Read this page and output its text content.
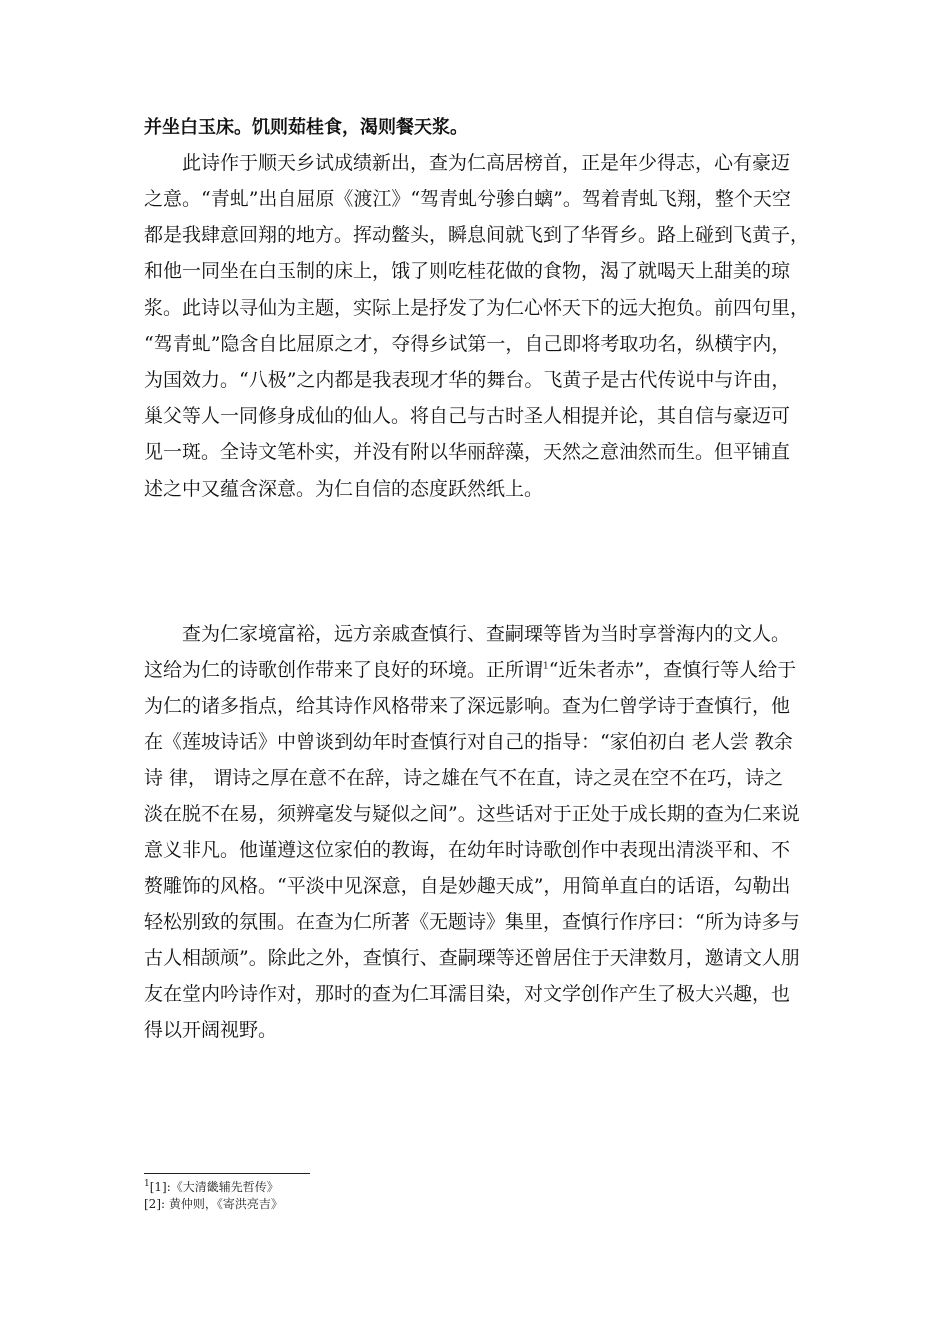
并坐白玉床。饥则茹桂食，渴则餐天浆。
　　此诗作于顺天乡试成绩新出，查为仁高居榜首，正是年少得志，心有豪迈
之意。“青虬”出自屈原《渡江》“驾青虬兮骖白螭”。驾着青虬飞翔，整个天空
都是我肆意回翔的地方。挥动鳖头，瞬息间就飞到了华胥乡。路上碰到飞黄子，
和他一同坐在白玉制的床上，饿了则吃桂花做的食物，渴了就喝天上甜美的琼
浆。此诗以寻仙为主题，实际上是抒发了为仁心怀天下的远大抱负。前四句里，
“驾青虬”隐含自比屈原之才，夺得乡试第一，自己即将考取功名，纵横宇内，
为国效力。“八极”之内都是我表现才华的舞台。飞黄子是古代传说中与许由，
巢父等人一同修身成仙的仙人。将自己与古时圣人相提并论，其自信与豪迈可
见一斑。全诗文笔朴实，并没有附以华丽辞藻，天然之意油然而生。但平铺直
述之中又蕴含深意。为仁自信的态度跃然纸上。
　　查为仁家境富裕，远方亲戚查慎行、查嗣瑮等皆为当时享誉海内的文人。
这给为仁的诗歌创作带来了良好的环境。正所谓$^1$“近朱者赤”，查慎行等人给于
为仁的诸多指点，给其诗作风格带来了深远影响。查为仁曾学诗于查慎行，他
在《莲坡诗话》中曾谈到幼年时查慎行对自己的指导：“家伯初白 老人尝 教余
诗 律， 谓诗之厚在意不在辞，诗之雄在气不在直，诗之灵在空不在巧，诗之
淡在脱不在易，须辨毫发与疑似之间”。这些话对于正处于成长期的查为仁来说
意义非凡。他谨遵这位家伯的教诲，在幼年时诗歌创作中表现出清淡平和、不
赘雕饰的风格。“平淡中见深意，自是妙趣天成”，用简单直白的话语，勾勒出
轻松别致的氛围。在查为仁所著《无题诗》集里，查慎行作序曰：“所为诗多与
古人相颉颃”。除此之外，查慎行、查嗣瑮等还曾居住于天津数月，邀请文人朋
友在堂内吟诗作对，那时的查为仁耳濡目染，对文学创作产生了极大兴趣，也
得以开阔视野。
$^1$[1]:《大清畿辅先哲传》
[2]: 黄仲则，《寄洪亮吉》
